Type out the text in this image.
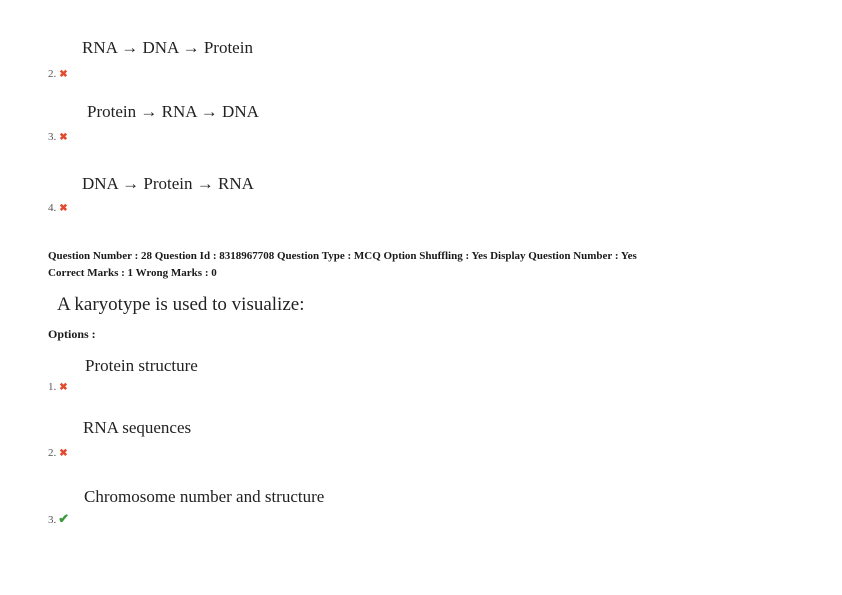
RNA → DNA → Protein
2. ✖
Protein → RNA → DNA
3. ✖
DNA → Protein → RNA
4. ✖
Question Number : 28 Question Id : 8318967708 Question Type : MCQ Option Shuffling : Yes Display Question Number : Yes
Correct Marks : 1 Wrong Marks : 0
A karyotype is used to visualize:
Options :
Protein structure
1. ✖
RNA sequences
2. ✖
Chromosome number and structure
3. ✔
